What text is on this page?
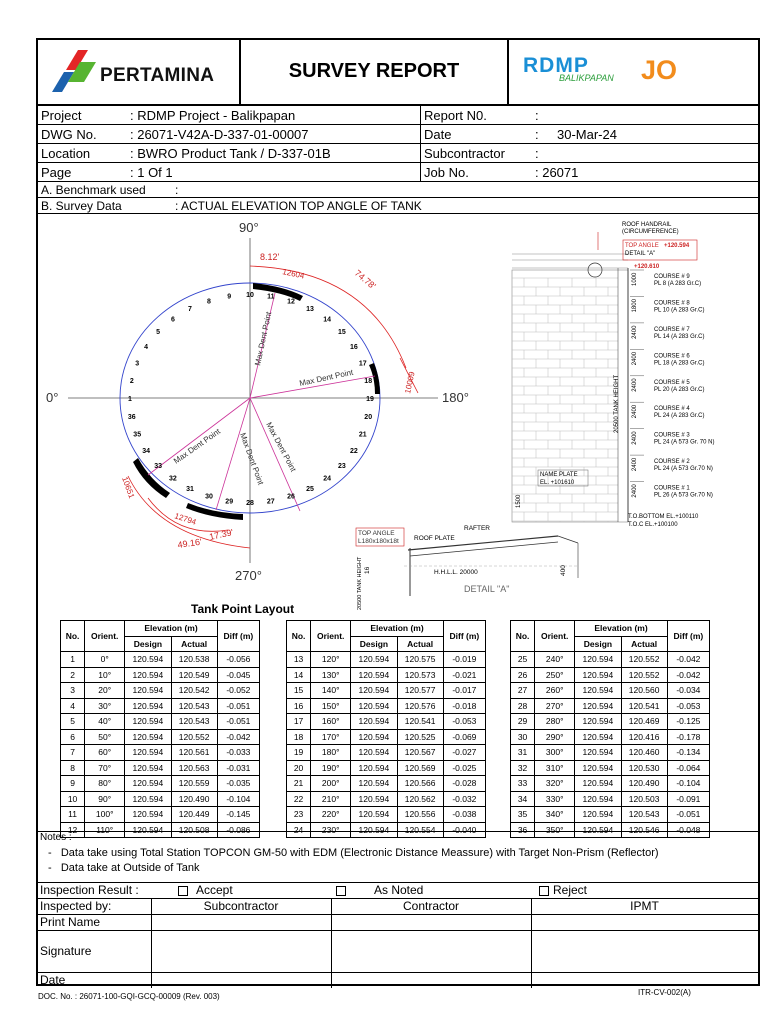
PERTAMINA	SURVEY REPORT	RDMP JO
BALIKPAPAN
Project	: RDMP Project - Balikpapan	Report N0.	:
DWG No.	: 26071-V42A-D-337-01-00007	Date	: 30-Mar-24
Location	: BWRO Product Tank / D-337-01B	Subcontractor :
Page	: 1 Of 1	Job No.	: 26071
A. Benchmark used :
B. Survey Data	: ACTUAL ELEVATION TOP ANGLE OF TANK
90°
0°	180°
270°
Max Dent Point
Max Dent Point
Max Dent Point Max Dent Point
Max Dent Point
8.12'
12604	74.78'
10009
10651
12794
17.39'
49.16'
1
2
3
4
5
6
7
8
9 10 11
12
13
14
15
16
17
18
19
20
21
22
23
24
25
26
27
28
29
30
31
32
33
34
35
36
ROOF HANDRAIL
(CIRCUMFERENCE)
TOP ANGLE +120.594
DETAIL "A"
+120.610
COURSE # 9
PL 8 (A 283 Gr.C)
1000
COURSE # 8
PL 10 (A 283 Gr.C)
1800
COURSE # 7
PL 14 (A 283 Gr.C)
2400
COURSE # 6
PL 18 (A 283 Gr.C)
2400
COURSE # 5
PL 20 (A 283 Gr.C)
2400
COURSE # 4
PL 24 (A 283 Gr.C)
2400
COURSE # 3
PL 24 (A 573 Gr. 70 N)
2400
COURSE # 2
PL 24 (A 573 Gr.70 N)
2400
COURSE # 1
PL 26 (A 573 Gr.70 N)
2400
20500 TANK HEIGHT
NAME PLATE
EL. +101610
1500
T.O.BOTTOM EL.+100110
T.O.C EL.+100100
TOP ANGLE
L180x180x18t ROOF PLATE
RAFTER
H.H.L.L. 20000
DETAIL "A"
16	400
20500 TANK HEIGHT
Tank Point Layout
No.	Orient.	Elevation (m)		Diff (m)
		Design	Actual	
1	0°	120.594	120.538	-0.056
2	10°	120.594	120.549	-0.045
3	20°	120.594	120.542	-0.052
4	30°	120.594	120.543	-0.051
5	40°	120.594	120.543	-0.051
6	50°	120.594	120.552	-0.042
7	60°	120.594	120.561	-0.033
8	70°	120.594	120.563	-0.031
9	80°	120.594	120.559	-0.035
10	90°	120.594	120.490	-0.104
11	100°	120.594	120.449	-0.145
12	110°	120.594	120.508	-0.086
No.	Orient.	Elevation (m)		Diff (m)
		Design	Actual	
13	120°	120.594	120.575	-0.019
14	130°	120.594	120.573	-0.021
15	140°	120.594	120.577	-0.017
16	150°	120.594	120.576	-0.018
17	160°	120.594	120.541	-0.053
18	170°	120.594	120.525	-0.069
19	180°	120.594	120.567	-0.027
20	190°	120.594	120.569	-0.025
21	200°	120.594	120.566	-0.028
22	210°	120.594	120.562	-0.032
23	220°	120.594	120.556	-0.038
24	230°	120.594	120.554	-0.040
No.	Orient.	Elevation (m)		Diff (m)
		Design	Actual	
25	240°	120.594	120.552	-0.042
26	250°	120.594	120.552	-0.042
27	260°	120.594	120.560	-0.034
28	270°	120.594	120.541	-0.053
29	280°	120.594	120.469	-0.125
30	290°	120.594	120.416	-0.178
31	300°	120.594	120.460	-0.134
32	310°	120.594	120.530	-0.064
33	320°	120.594	120.490	-0.104
34	330°	120.594	120.503	-0.091
35	340°	120.594	120.543	-0.051
36	350°	120.594	120.546	-0.048
Notes :
-   Data take using Total Station TOPCON GM-50 with EDM (Electronic Distance Meassure) with Target Non-Prism (Reflector)
-   Data take at Outside of Tank
Inspection Result :	Accept	As Noted	Reject
Inspected by:	Subcontractor	Contractor	IPMT
Print Name
Signature
Date
DOC. No. : 26071-100-GQI-GCQ-00009 (Rev. 003)	ITR-CV-002(A)
